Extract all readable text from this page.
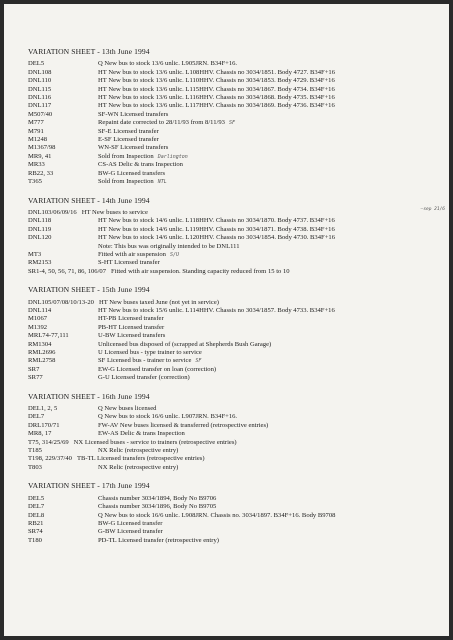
VARIATION SHEET - 13th June 1994
DEL5	Q New bus to stock 13/6 unlic. L905JRN. B34F+16.
DNL108	HT New bus to stock 13/6 unlic. L108HHV. Chassis no 3034/1851. Body 4727. B34F+16
DNL110	HT New bus to stock 13/6 unlic. L110HHV. Chassis no 3034/1853. Body 4729. B34F+16
DNL115	HT New bus to stock 13/6 unlic. L115HHV. Chassis no 3034/1867. Body 4734. B34F+16
DNL116	HT New bus to stock 13/6 unlic. L116HHV. Chassis no 3034/1868. Body 4735. B34F+16
DNL117	HT New bus to stock 13/6 unlic. L117HHV. Chassis no 3034/1869. Body 4736. B34F+16
M507/40	SF-WN Licensed transfers
M777	Repaint date corrected to 28/11/93 from 8/11/93 SF
M791	SF-E Licensed transfer
M1248	E-SF Licensed transfer
M1367/98	WN-SF Licensed transfers
MR9, 41	Sold from Inspection Darlington
MR33	CS-AS Delic & trans Inspection
RB22, 33	BW-G Licensed transfers
T365	Sold from Inspection NTL
VARIATION SHEET - 14th June 1994
DNL103/06/09/16 HT New buses to service	—sep 21/6
DNL118	HT New bus to stock 14/6 unlic. L118HHV. Chassis no 3034/1870. Body 4737. B34F+16
DNL119	HT New bus to stock 14/6 unlic. L119HHV. Chassis no 3034/1871. Body 4738. B34F+16
DNL120	HT New bus to stock 14/6 unlic. L120HHV. Chassis no 3034/1854. Body 4730. B34F+16
Note: This bus was originally intended to be DNL111
MT3	Fitted with air suspension S/U
RM2153	S-HT Licensed transfer
SR1-4, 50, 56, 71, 86, 106/07 Fitted with air suspension. Standing capacity reduced from 15 to 10
VARIATION SHEET - 15th June 1994
DNL105/07/08/10/13-20 HT New buses taxed June (not yet in service)
DNL114	HT New bus to stock 15/6 unlic. L114HHV. Chassis no 3034/1857. Body 4733. B34F+16
M1067	HT-PB Licensed transfer
M1392	PB-HT Licensed transfer
MRL74-77,111	U-BW Licensed transfers
RM1304	Unlicensed bus disposed of (scrapped at Shepherds Bush Garage)
RML2696	U Licensed bus - type trainer to service
RML2758	SF Licensed bus - trainer to service SF
SR7	EW-G Licensed transfer on loan (correction)
SR77	G-U Licensed transfer (correction)
VARIATION SHEET - 16th June 1994
DEL1, 2, 5	Q New buses licensed
DEL7	Q New bus to stock 16/6 unlic. L907JRN. B34F+16.
DRL170/71	FW-AV New buses licensed & transferred (retrospective entries)
MR8, 17	EW-AS Delic & trans Inspection
T75, 314/25/69 NX Licensed buses - service to trainers (retrospective entries)
T185	NX Relic (retrospective entry)
T198, 229/37/40 TB-TL Licensed transfers (retrospective entries)
T803	NX Relic (retrospective entry)
VARIATION SHEET - 17th June 1994
DEL5	Chassis number 3034/1894, Body No B9706
DEL7	Chassis number 3034/1896, Body No B9705
DEL8	Q New bus to stock 16/6 unlic. L908JRN. Chassis no. 3034/1897. B34F+16. Body B9708
RB21	BW-G Licensed transfer
SR74	G-BW Licensed transfer
T180	PD-TL Licensed transfer (retrospective entry)
